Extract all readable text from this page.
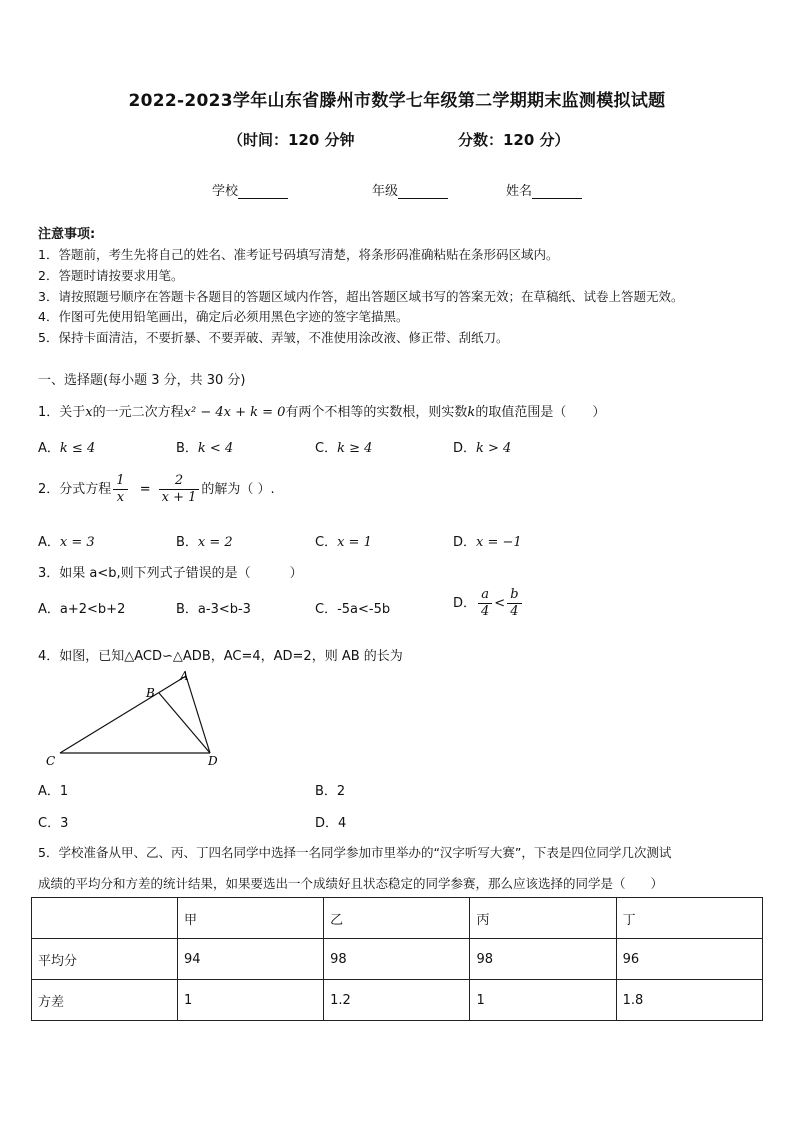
2022-2023学年山东省滕州市数学七年级第二学期期末监测模拟试题
（时间：120 分钟	分数：120 分）
学校	年级	姓名
注意事项:
1．答题前，考生先将自己的姓名、准考证号码填写清楚，将条形码准确粘贴在条形码区域内。
2．答题时请按要求用笔。
3．请按照题号顺序在答题卡各题目的答题区域内作答，超出答题区域书写的答案无效；在草稿纸、试卷上答题无效。
4．作图可先使用铅笔画出，确定后必须用黑色字迹的签字笔描黑。
5．保持卡面清洁，不要折暴、不要弄破、弄皱，不准使用涂改液、修正带、刮纸刀。
一、选择题(每小题 3 分，共 30 分)
1．关于x的一元二次方程x² − 4x + k = 0有两个不相等的实数根，则实数k的取值范围是（　　）
A．k ≤ 4	B．k < 4	C．k ≥ 4	D．k > 4
2．分式方程 $\frac{1}{x} = \frac{2}{x + 1}$ 的解为（ ）.
A．x = 3	B．x = 2	C．x = 1	D．x = −1
3．如果 a<b,则下列式子错误的是（　　　）
A．a+2<b+2	B．a-3<b-3	C．-5a<-5b	D． $\frac{a}{4} < \frac{b}{4}$
4．如图，已知△ACD∽△ADB，AC=4，AD=2，则 AB 的长为
A
B
C	D
A．1	B．2
C．3	D．4
5．学校准备从甲、乙、丙、丁四名同学中选择一名同学参加市里举办的“汉字听写大赛”，下表是四位同学几次测试
成绩的平均分和方差的统计结果，如果要选出一个成绩好且状态稳定的同学参赛，那么应该选择的同学是（　　）
	甲	乙	丙	丁
平均分	94	98	98	96
方差	1	1.2	1	1.8
